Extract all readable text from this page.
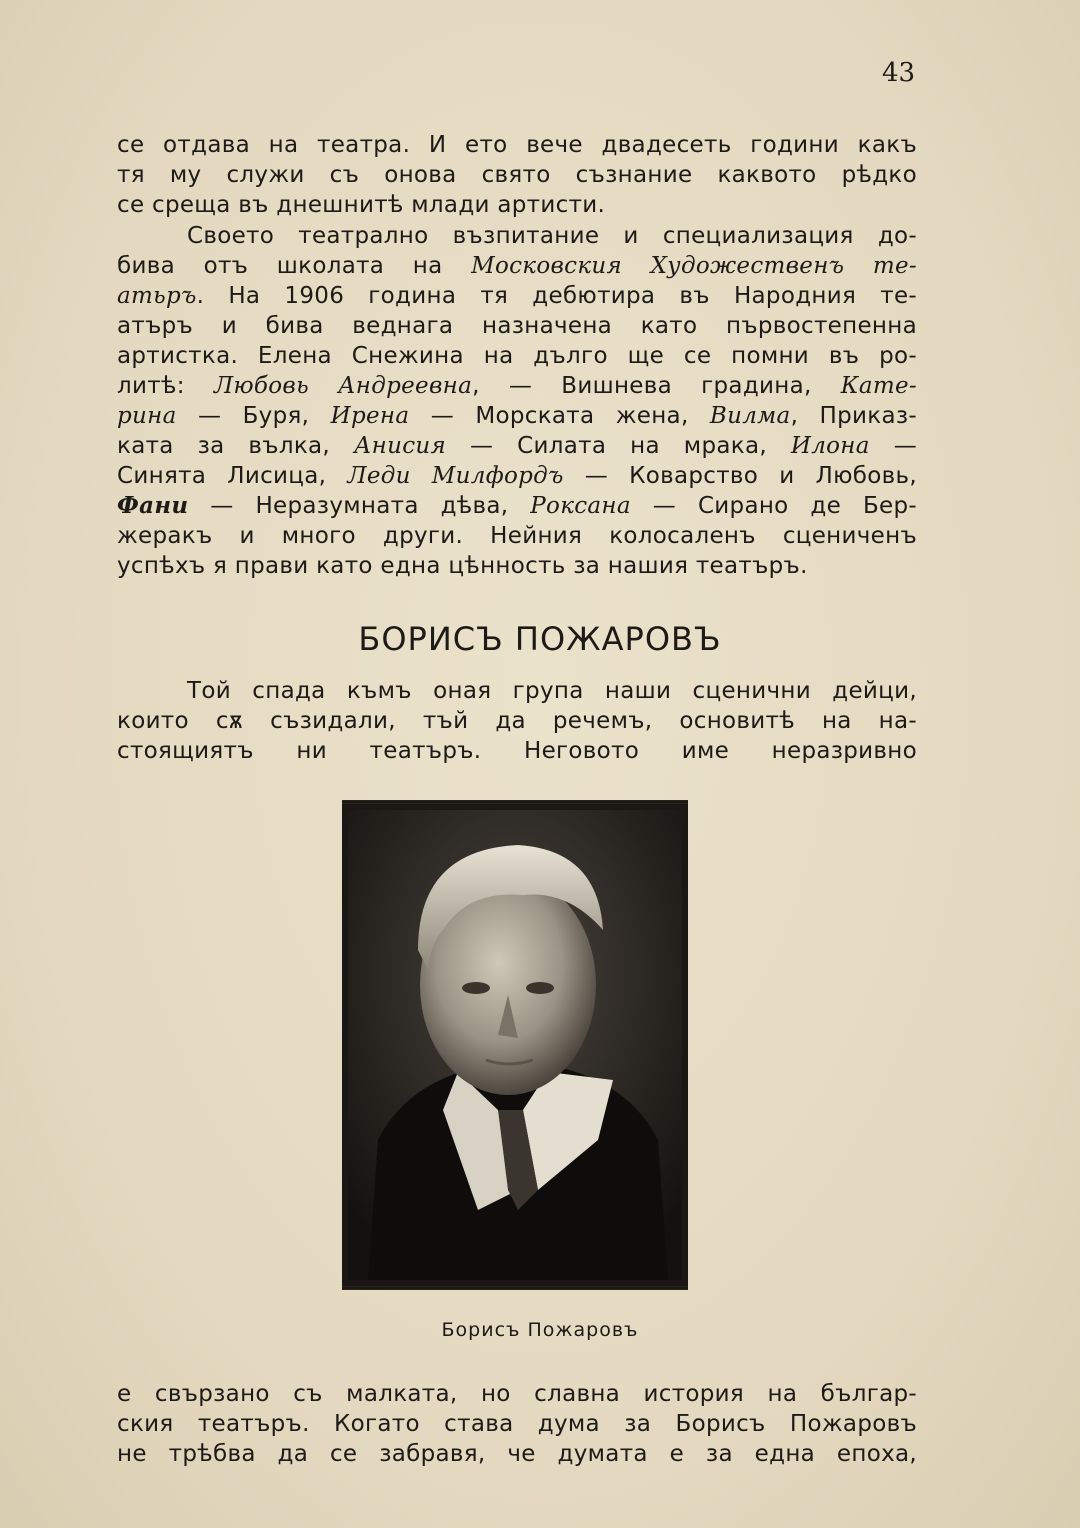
43
се отдава на театра. И ето вече двадесеть години какъ
тя му служи съ онова свято съзнание каквото рѣдко
се среща въ днешнитѣ млади артисти.
Своето театрално възпитание и специализация до-
бива отъ школата на Московския Художественъ те-
атьръ. На 1906 година тя дебютира въ Народния те-
атъръ и бива веднага назначена като първостепенна
артистка. Елена Снежина на дълго ще се помни въ ро-
литѣ: Любовь Андреевна, — Вишнева градина, Кате-
рина — Буря, Ирена — Морската жена, Вилма, Приказ-
ката за вълка, Анисия — Силата на мрака, Илона —
Синята Лисица, Леди Милфордъ — Коварство и Любовь,
Фани — Неразумната дѣва, Роксана — Сирано де Бер-
жеракъ и много други. Нейния колосаленъ сцениченъ
успѣхъ я прави като една цѣнность за нашия театъръ.
БОРИСЪ ПОЖАРОВЪ
Той спада къмъ оная група наши сценични дейци,
които сѫ съзидали, тъй да речемъ, основитѣ на на-
стоящиятъ ни театъръ. Неговото име неразривно
Борисъ Пожаровъ
е свързано съ малката, но славна история на българ-
ския театъръ. Когато става дума за Борисъ Пожаровъ
не трѣбва да се забравя, че думата е за една епоха,
